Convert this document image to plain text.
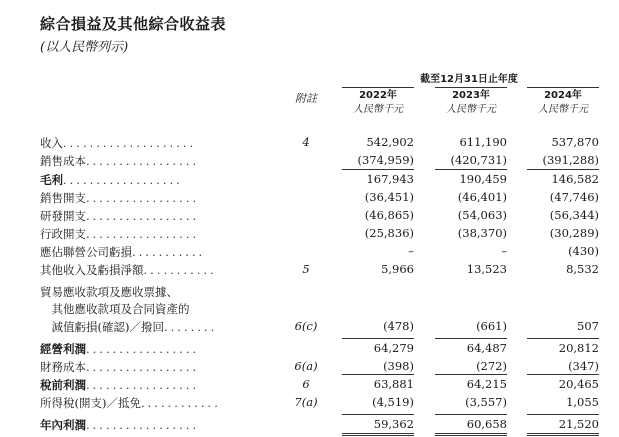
綜合損益及其他綜合收益表
(以人民幣列示)
截至12月31日止年度
附註	2022年
人民幣千元
2023年
人民幣千元
2024年
人民幣千元
收入....................	4	542,902	611,190	537,870
銷售成本.................	(374,959)	(420,731)	(391,288)
毛利..................	167,943	190,459	146,582
銷售開支.................	(36,451)	(46,401)	(47,746)
研發開支.................	(46,865)	(54,063)	(56,344)
行政開支.................	(25,836)	(38,370)	(30,289)
應佔聯營公司虧損...........	–	–	(430)
其他收入及虧損淨額...........	5	5,966	13,523	8,532
貿易應收款項及應收票據、
　其他應收款項及合同資產的
　減值虧損(確認)／撥回........	6(c)	(478)	(661)	507
經營利潤.................	64,279	64,487	20,812
財務成本.................	6(a)	(398)	(272)	(347)
稅前利潤.................	6	63,881	64,215	20,465
所得稅(開支)／抵免............	7(a)	(4,519)	(3,557)	1,055
年內利潤.................	59,362	60,658	21,520
